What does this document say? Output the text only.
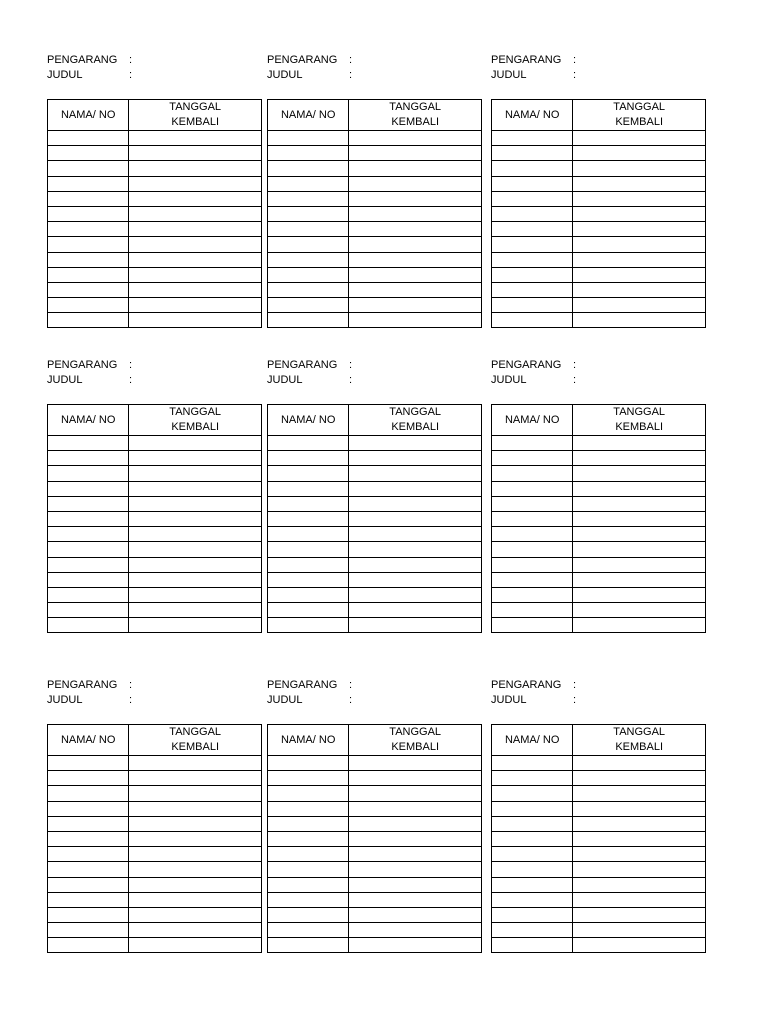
PENGARANG :
JUDUL	:
NAMA/ NO	TANGGAL
KEMBALI

PENGARANG :
JUDUL	:
NAMA/ NO	TANGGAL
KEMBALI

PENGARANG :
JUDUL	:
NAMA/ NO	TANGGAL
KEMBALI

PENGARANG :
JUDUL	:
NAMA/ NO	TANGGAL
KEMBALI

PENGARANG :
JUDUL	:
NAMA/ NO	TANGGAL
KEMBALI

PENGARANG :
JUDUL	:
NAMA/ NO	TANGGAL
KEMBALI

PENGARANG :
JUDUL	:
NAMA/ NO	TANGGAL
KEMBALI

PENGARANG :
JUDUL	:
NAMA/ NO	TANGGAL
KEMBALI

PENGARANG :
JUDUL	:
NAMA/ NO	TANGGAL
KEMBALI
